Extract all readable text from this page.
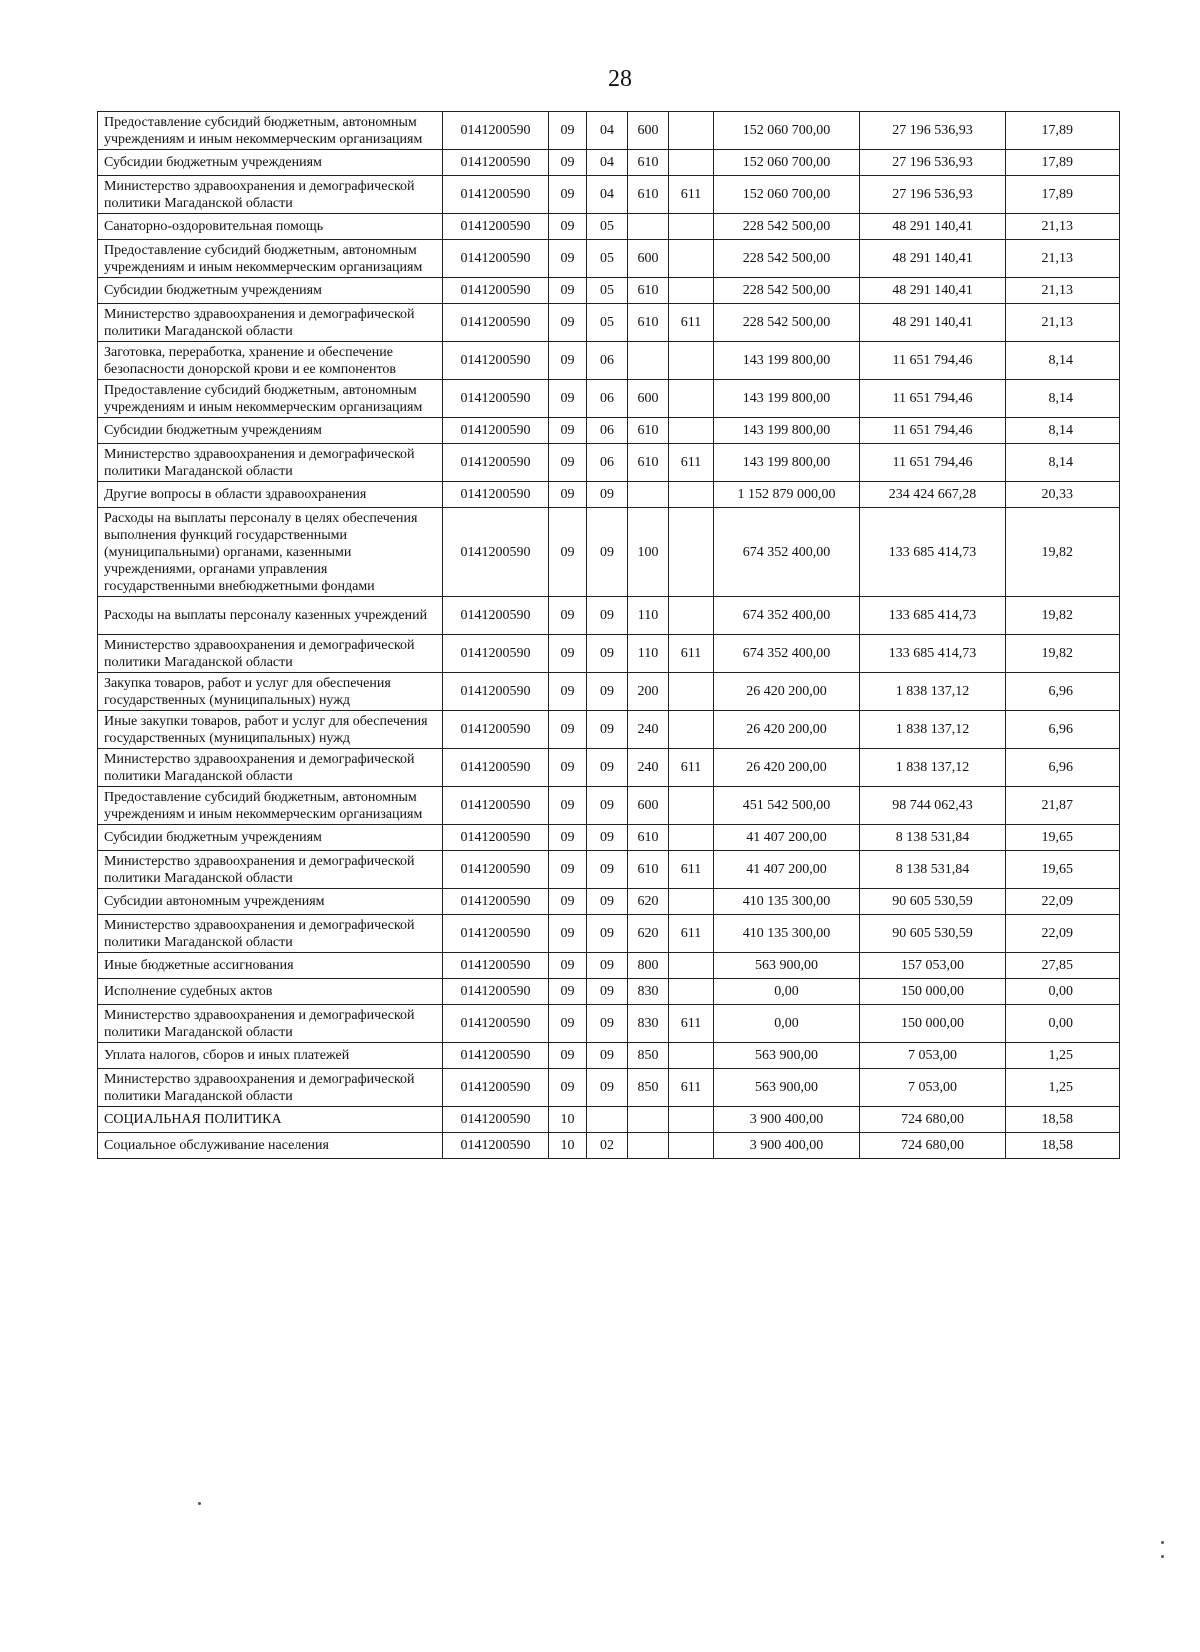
28
Предоставление субсидий бюджетным, автономным учреждениям и иным некоммерческим организациям	0141200590	09	04	600		152 060 700,00	27 196 536,93	17,89
Субсидии бюджетным учреждениям	0141200590	09	04	610		152 060 700,00	27 196 536,93	17,89
Министерство здравоохранения и демографической политики Магаданской области	0141200590	09	04	610	611	152 060 700,00	27 196 536,93	17,89
Санаторно-оздоровительная помощь	0141200590	09	05			228 542 500,00	48 291 140,41	21,13
Предоставление субсидий бюджетным, автономным учреждениям и иным некоммерческим организациям	0141200590	09	05	600		228 542 500,00	48 291 140,41	21,13
Субсидии бюджетным учреждениям	0141200590	09	05	610		228 542 500,00	48 291 140,41	21,13
Министерство здравоохранения и демографической политики Магаданской области	0141200590	09	05	610	611	228 542 500,00	48 291 140,41	21,13
Заготовка, переработка, хранение и обеспечение безопасности донорской крови и ее компонентов	0141200590	09	06			143 199 800,00	11 651 794,46	8,14
Предоставление субсидий бюджетным, автономным учреждениям и иным некоммерческим организациям	0141200590	09	06	600		143 199 800,00	11 651 794,46	8,14
Субсидии бюджетным учреждениям	0141200590	09	06	610		143 199 800,00	11 651 794,46	8,14
Министерство здравоохранения и демографической политики Магаданской области	0141200590	09	06	610	611	143 199 800,00	11 651 794,46	8,14
Другие вопросы в области здравоохранения	0141200590	09	09			1 152 879 000,00	234 424 667,28	20,33
Расходы на выплаты персоналу в целях обеспечения выполнения функций государственными (муниципальными) органами, казенными учреждениями, органами управления государственными внебюджетными фондами	0141200590	09	09	100		674 352 400,00	133 685 414,73	19,82
Расходы на выплаты персоналу казенных учреждений	0141200590	09	09	110		674 352 400,00	133 685 414,73	19,82
Министерство здравоохранения и демографической политики Магаданской области	0141200590	09	09	110	611	674 352 400,00	133 685 414,73	19,82
Закупка товаров, работ и услуг для обеспечения государственных (муниципальных) нужд	0141200590	09	09	200		26 420 200,00	1 838 137,12	6,96
Иные закупки товаров, работ и услуг для обеспечения государственных (муниципальных) нужд	0141200590	09	09	240		26 420 200,00	1 838 137,12	6,96
Министерство здравоохранения и демографической политики Магаданской области	0141200590	09	09	240	611	26 420 200,00	1 838 137,12	6,96
Предоставление субсидий бюджетным, автономным учреждениям и иным некоммерческим организациям	0141200590	09	09	600		451 542 500,00	98 744 062,43	21,87
Субсидии бюджетным учреждениям	0141200590	09	09	610		41 407 200,00	8 138 531,84	19,65
Министерство здравоохранения и демографической политики Магаданской области	0141200590	09	09	610	611	41 407 200,00	8 138 531,84	19,65
Субсидии автономным учреждениям	0141200590	09	09	620		410 135 300,00	90 605 530,59	22,09
Министерство здравоохранения и демографической политики Магаданской области	0141200590	09	09	620	611	410 135 300,00	90 605 530,59	22,09
Иные бюджетные ассигнования	0141200590	09	09	800		563 900,00	157 053,00	27,85
Исполнение судебных актов	0141200590	09	09	830		0,00	150 000,00	0,00
Министерство здравоохранения и демографической политики Магаданской области	0141200590	09	09	830	611	0,00	150 000,00	0,00
Уплата налогов, сборов и иных платежей	0141200590	09	09	850		563 900,00	7 053,00	1,25
Министерство здравоохранения и демографической политики Магаданской области	0141200590	09	09	850	611	563 900,00	7 053,00	1,25
СОЦИАЛЬНАЯ ПОЛИТИКА	0141200590	10				3 900 400,00	724 680,00	18,58
Социальное обслуживание населения	0141200590	10	02			3 900 400,00	724 680,00	18,58
